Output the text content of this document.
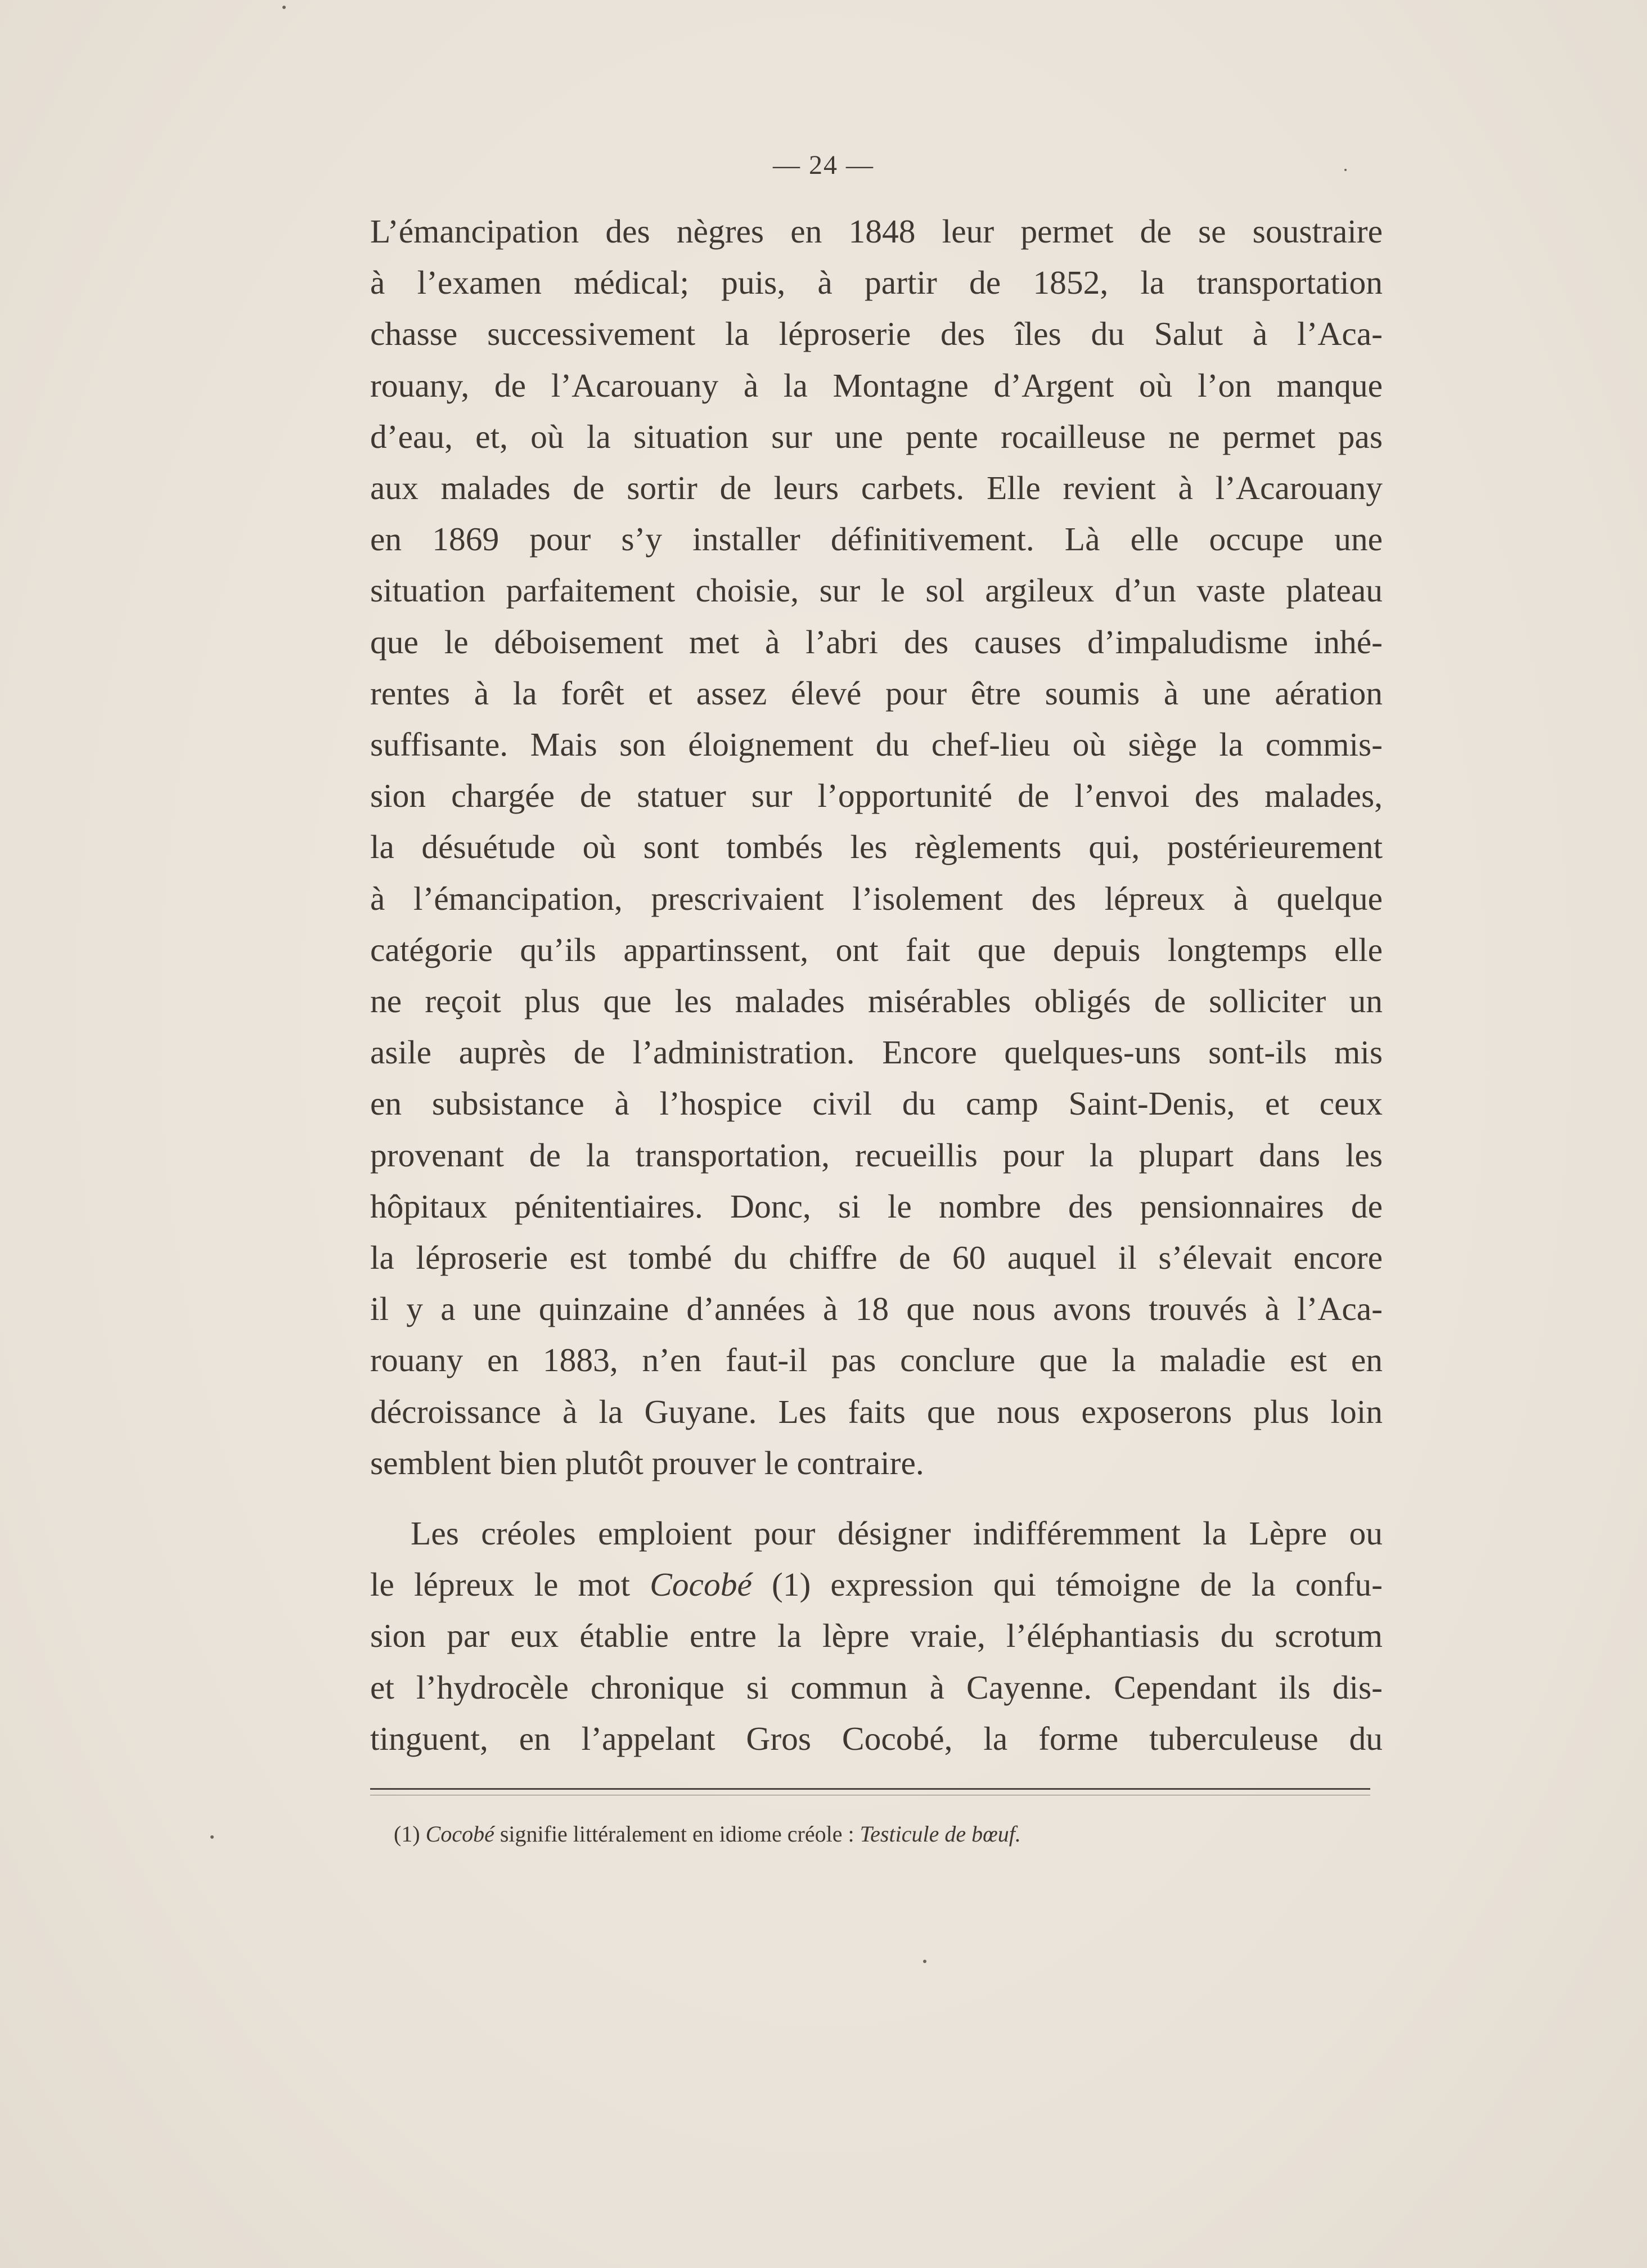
— 24 —
L’émancipation des nègres en 1848 leur permet de se soustraire
à l’examen médical; puis, à partir de 1852, la transportation
chasse successivement la léproserie des îles du Salut à l’Aca-
rouany, de l’Acarouany à la Montagne d’Argent où l’on manque
d’eau, et, où la situation sur une pente rocailleuse ne permet pas
aux malades de sortir de leurs carbets. Elle revient à l’Acarouany
en 1869 pour s’y installer définitivement. Là elle occupe une
situation parfaitement choisie, sur le sol argileux d’un vaste plateau
que le déboisement met à l’abri des causes d’impaludisme inhé-
rentes à la forêt et assez élevé pour être soumis à une aération
suffisante. Mais son éloignement du chef-lieu où siège la commis-
sion chargée de statuer sur l’opportunité de l’envoi des malades,
la désuétude où sont tombés les règlements qui, postérieurement
à l’émancipation, prescrivaient l’isolement des lépreux à quelque
catégorie qu’ils appartinssent, ont fait que depuis longtemps elle
ne reçoit plus que les malades misérables obligés de solliciter un
asile auprès de l’administration. Encore quelques-uns sont-ils mis
en subsistance à l’hospice civil du camp Saint-Denis, et ceux
provenant de la transportation, recueillis pour la plupart dans les
hôpitaux pénitentiaires. Donc, si le nombre des pensionnaires de
la léproserie est tombé du chiffre de 60 auquel il s’élevait encore
il y a une quinzaine d’années à 18 que nous avons trouvés à l’Aca-
rouany en 1883, n’en faut-il pas conclure que la maladie est en
décroissance à la Guyane. Les faits que nous exposerons plus loin
semblent bien plutôt prouver le contraire.
Les créoles emploient pour désigner indifféremment la Lèpre ou
le lépreux le mot Cocobé (1) expression qui témoigne de la confu-
sion par eux établie entre la lèpre vraie, l’éléphantiasis du scrotum
et l’hydrocèle chronique si commun à Cayenne. Cependant ils dis-
tinguent, en l’appelant Gros Cocobé, la forme tuberculeuse du
(1) Cocobé signifie littéralement en idiome créole : Testicule de bœuf.
